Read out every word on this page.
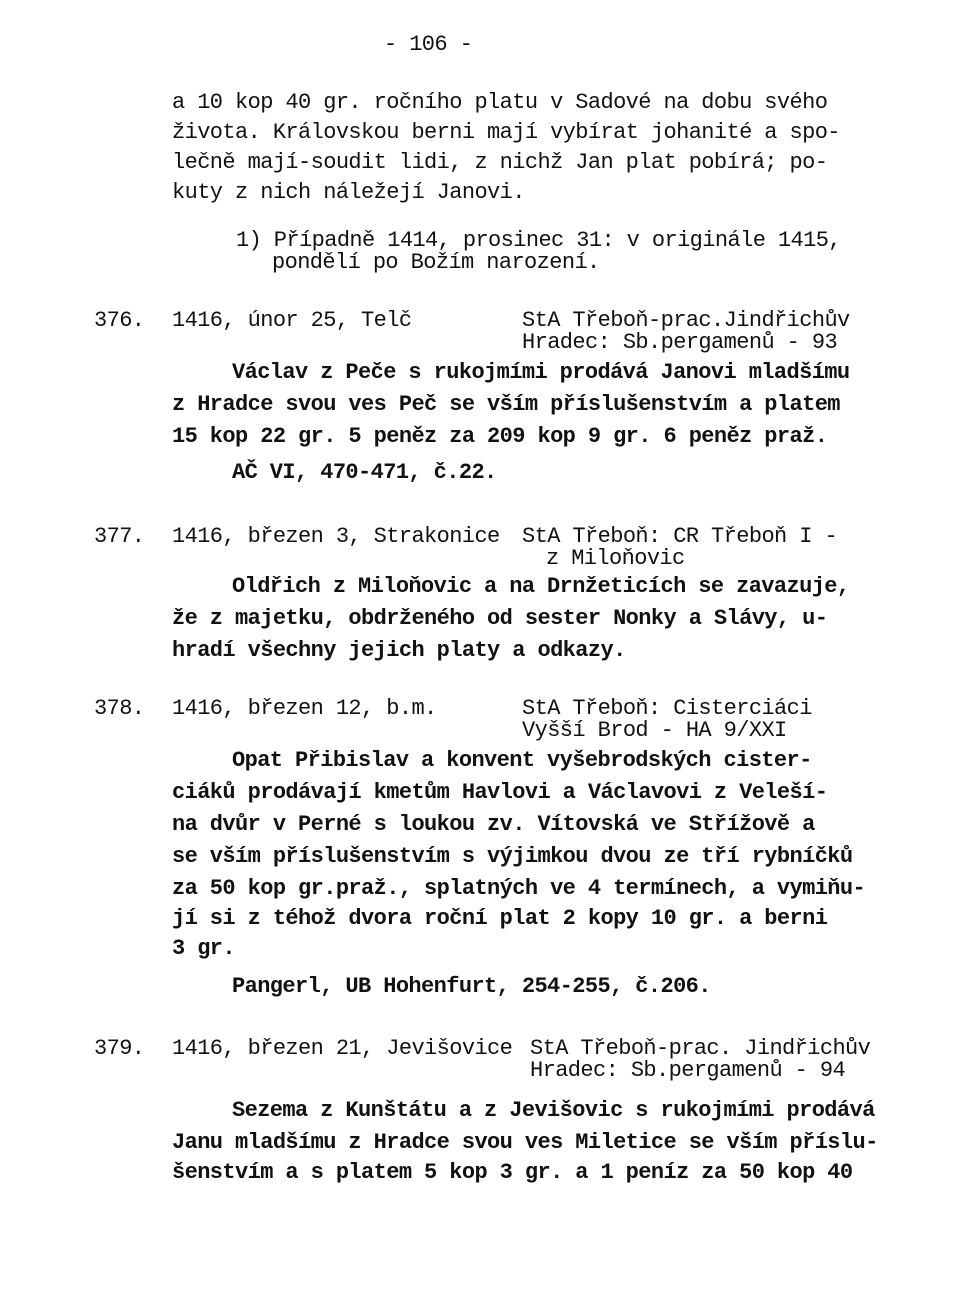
- 106 -
a 10 kop 40 gr. ročního platu v Sadové na dobu svého
života. Královskou berni mají vybírat johanité a spo-
lečně mají-soudit lidi, z nichž Jan plat pobírá; po-
kuty z nich náležejí Janovi.
1) Případně 1414, prosinec 31: v originále 1415,
pondělí po Božím narození.
376. 1416, únor 25, Telč	StA Třeboň-prac.Jindřichův
Hradec: Sb.pergamenů - 93
Václav z Peče s rukojmími prodává Janovi mladšímu
z Hradce svou ves Peč se vším příslušenstvím a platem
15 kop 22 gr. 5 peněz za 209 kop 9 gr. 6 peněz praž.
AČ VI, 470-471, č.22.
377. 1416, březen 3, Strakonice StA Třeboň: CR Třeboň I -
z Miloňovic
Oldřich z Miloňovic a na Drnžeticích se zavazuje,
že z majetku, obdrženého od sester Nonky a Slávy, u-
hradí všechny jejich platy a odkazy.
378. 1416, březen 12, b.m.	StA Třeboň: Cisterciáci
Vyšší Brod - HA 9/XXI
Opat Přibislav a konvent vyšebrodských cister-
ciáků prodávají kmetům Havlovi a Václavovi z Veleší-
na dvůr v Perné s loukou zv. Vítovská ve Střížově a
se vším příslušenstvím s výjimkou dvou ze tří rybníčků
za 50 kop gr.praž., splatných ve 4 termínech, a vymiňu-
jí si z téhož dvora roční plat 2 kopy 10 gr. a berni
3 gr.
Pangerl, UB Hohenfurt, 254-255, č.206.
379. 1416, březen 21, Jevišovice StA Třeboň-prac. Jindřichův
Hradec: Sb.pergamenů - 94
Sezema z Kunštátu a z Jevišovic s rukojmími prodává
Janu mladšímu z Hradce svou ves Miletice se vším příslu-
šenstvím a s platem 5 kop 3 gr. a 1 peníz za 50 kop 40
